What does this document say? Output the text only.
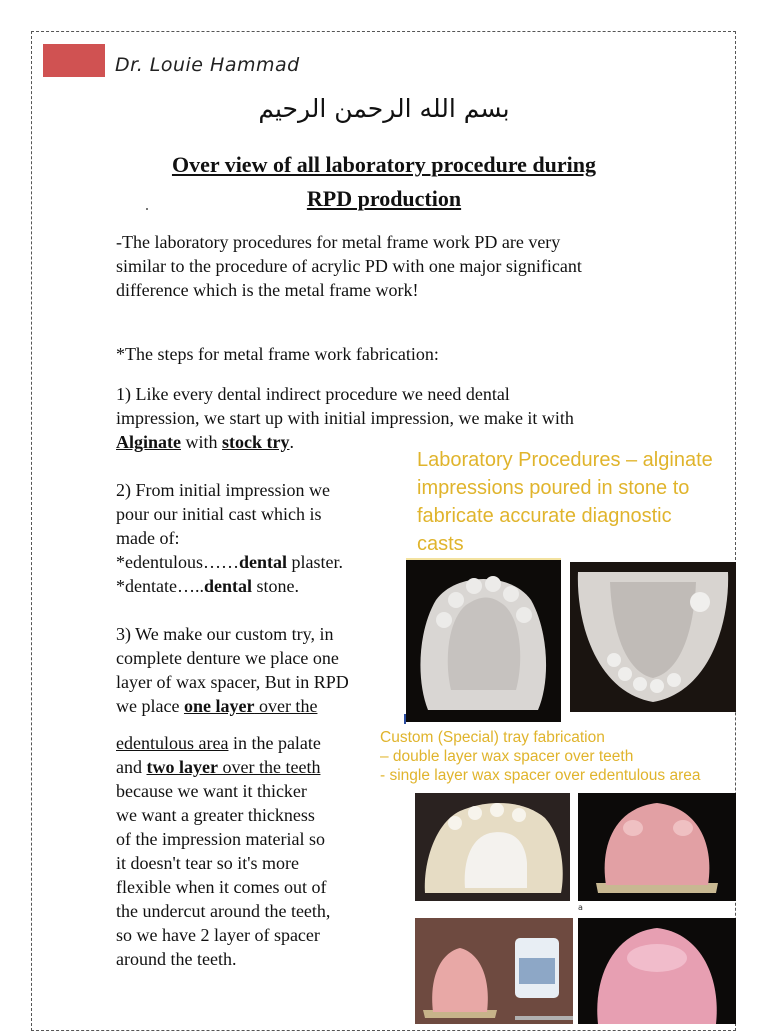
Dr. Louie Hammad
بسم الله الرحمن الرحيم
Over view of all laboratory procedure during
RPD production
-The laboratory procedures for metal frame work PD are very
similar to the procedure of acrylic PD with one major significant
difference which is the metal frame work!
*The steps for metal frame work fabrication:
1) Like every dental indirect procedure we need dental
impression, we start up with initial impression, we make it with
Alginate with stock try.
2) From initial impression we
pour our initial cast which is
made of:
*edentulous……dental plaster.
*dentate…..dental stone.
3) We make our custom try, in
complete denture we place one
layer of wax spacer, But in RPD
we place one layer over the
edentulous area in the palate
and two layer over the teeth
because we want it thicker
we want a greater thickness
of the impression material so
it doesn't tear so it's more
flexible when it comes out of
the undercut around the teeth,
so we have 2 layer of spacer
around the teeth.
Laboratory Procedures – alginate
impressions poured in stone to
fabricate accurate diagnostic
casts
Custom (Special) tray fabrication
– double layer wax spacer over teeth
- single layer wax spacer over edentulous area
a
